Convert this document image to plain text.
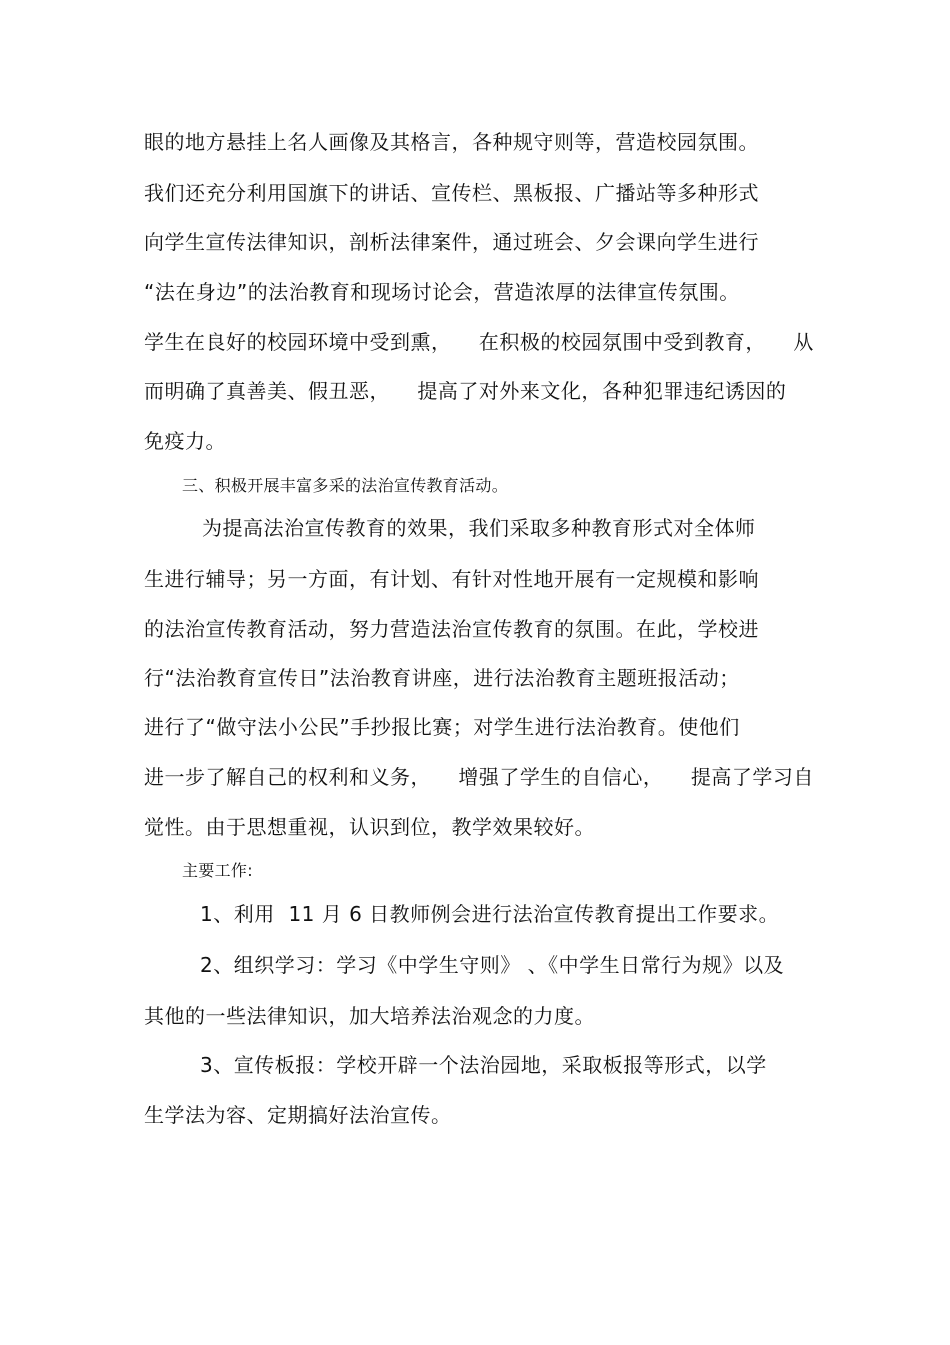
眼的地方悬挂上名人画像及其格言，各种规守则等，营造校园氛围。
我们还充分利用国旗下的讲话、宣传栏、黑板报、广播站等多种形式
向学生宣传法律知识，剖析法律案件，通过班会、夕会课向学生进行
“法在身边”的法治教育和现场讨论会，营造浓厚的法律宣传氛围。
学生在良好的校园环境中受到熏，    在积极的校园氛围中受到教育，    从
而明确了真善美、假丑恶，    提高了对外来文化，各种犯罪违纪诱因的
免疫力。
三、积极开展丰富多采的法治宣传教育活动。
为提高法治宣传教育的效果，我们采取多种教育形式对全体师
生进行辅导；另一方面，有计划、有针对性地开展有一定规模和影响
的法治宣传教育活动，努力营造法治宣传教育的氛围。在此，学校进
行“法治教育宣传日”法治教育讲座，进行法治教育主题班报活动；
进行了“做守法小公民”手抄报比赛；对学生进行法治教育。使他们
进一步了解自己的权利和义务，    增强了学生的自信心，    提高了学习自
觉性。由于思想重视，认识到位，教学效果较好。
主要工作:
1、利用  11 月 6 日教师例会进行法治宣传教育提出工作要求。
2、组织学习：学习《中学生守则》 、《中学生日常行为规》以及
其他的一些法律知识，加大培养法治观念的力度。
3、宣传板报：学校开辟一个法治园地，采取板报等形式，以学
生学法为容、定期搞好法治宣传。
